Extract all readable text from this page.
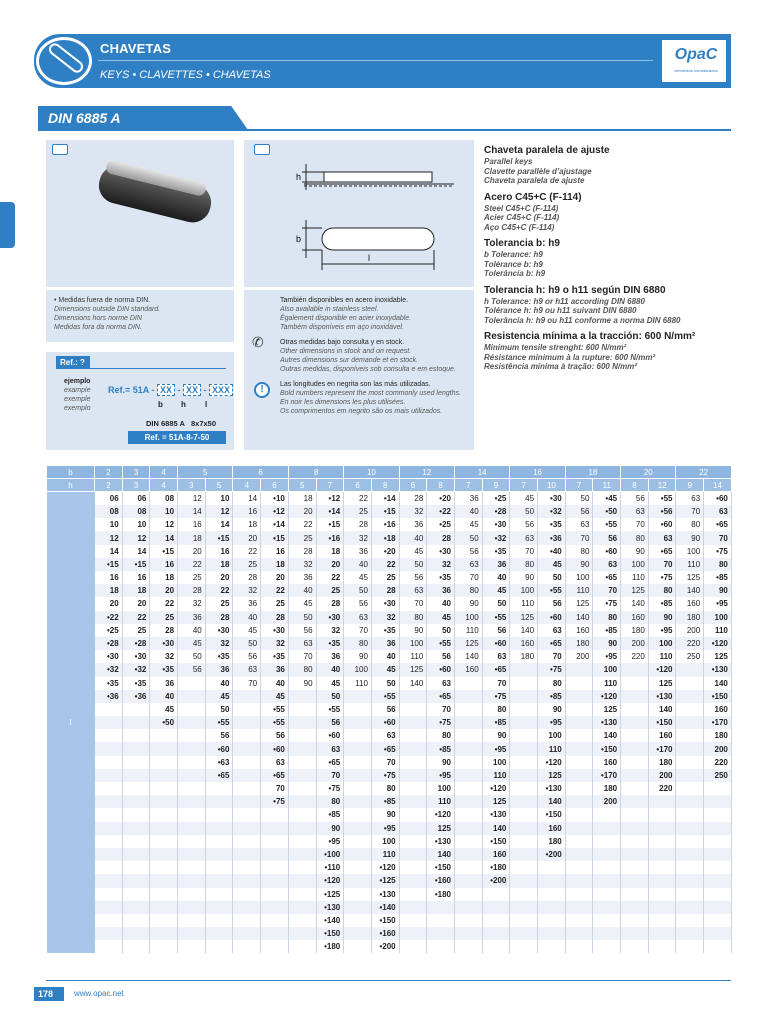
CHAVETAS
KEYS • CLAVETTES • CHAVETAS
OpaC
elementos normalizados
DIN 6885 A
h
b
l
Chaveta paralela de ajuste
Parallel keys
Clavette parallèle d’ajustage
Chaveta paralela de ajuste
Acero C45+C (F-114)
Steel C45+C (F-114)
Acier C45+C (F-114)
Aço C45+C (F-114)
Tolerancia b: h9
b Tolerance: h9
Tolérance b: h9
Tolerância b: h9
Tolerancia h: h9 o h11 según DIN 6880
h Tolerance: h9 or h11 according DIN 6880
Tolérance h: h9 ou h11 suivant DIN 6880
Tolerância h: h9 ou h11 conforme a norma DIN 6880
Resistencia mínima a la tracción: 600 N/mm²
Minimum tensile strenght: 600 N/mm²
Résistance minimum à la rupture: 600 N/mm²
Resistência mínima à tração: 600 N/mm²
• Medidas fuera de norma DIN.
Dimensions outside DIN standard.
Dimensions hors norme DIN
Medidas fora da norma DIN.
También disponibles en acero inoxidable.
Also available in stainless steel.
Également disponible en acier inoxydable.
Também disponíveis em aço inoxidável.
✆ Otras medidas bajo consulta y en stock.
Other dimensions in stock and on request.
Autres dimensions sur demande et en stock.
Outras medidas, disponíveis sob consulta e em estoque.
!	Las longitudes en negrita son las más utilizadas.
Bold numbers represent the most commonly used lengths.
En noir les dimensions les plus utilisées.
Os comprimentos em negrito são os mais utilizados.
Ref.: ?
ejemplo
example
exemple
exemplo
Ref.= 51A - XX - XX - XXX
b h l
DIN 6885 A 8x7x50
Ref. = 51A-8-7-50
b	2	3	4	5		6		8		10		12		14		16		18		20		22	
h	2	3	4	3	5	4	6	5	7	6	8	6	8	7	9	7	10	7	11	8	12	9	14
l	06	06	08	12	10	14	•10	18	•12	22	•14	28	•20	36	•25	45	•30	50	•45	56	•55	63	•60
	08	08	10	14	12	16	•12	20	•14	25	•15	32	•22	40	•28	50	•32	56	•50	63	•56	70	63
	10	10	12	16	14	18	•14	22	•15	28	•16	36	•25	45	•30	56	•35	63	•55	70	•60	80	•65
	12	12	14	18	•15	20	•15	25	•16	32	•18	40	28	50	•32	63	•36	70	56	80	63	90	70
	14	14	•15	20	16	22	16	28	18	36	•20	45	•30	56	•35	70	•40	80	•60	90	•65	100	•75
	•15	•15	16	22	18	25	18	32	20	40	22	50	32	63	36	80	45	90	63	100	70	110	80
	16	16	18	25	20	28	20	36	22	45	25	56	•35	70	40	90	50	100	•65	110	•75	125	•85
	18	18	20	28	22	32	22	40	25	50	28	63	36	80	45	100	•55	110	70	125	80	140	90
	20	20	22	32	25	36	25	45	28	56	•30	70	40	90	50	110	56	125	•75	140	•85	160	•95
	•22	22	25	36	28	40	28	50	•30	63	32	80	45	100	•55	125	•60	140	80	160	90	180	100
	•25	25	28	40	•30	45	•30	56	32	70	•35	90	50	110	56	140	63	160	•85	180	•95	200	110
	•28	•28	•30	45	32	50	32	63	•35	80	36	100	•55	125	•60	160	•65	180	90	200	100	220	•120
	•30	•30	32	50	•35	56	•35	70	36	90	40	110	56	140	63	180	70	200	•95	220	110	250	125
	•32	•32	•35	56	36	63	36	80	40	100	45	125	•60	160	•65		•75		100		•120		•130
	•35	•35	36		40	70	40	90	45	110	50	140	63		70		80		110		125		140
	•36	•36	40		45		45		50		•55		•65		•75		•85		•120		•130		•150
			45		50		•55		•55		56		70		80		90		125		140		160
			•50		•55		•55		56		•60		•75		•85		•95		•130		•150		•170
					56		56		•60		63		80		90		100		140		160		180
					•60		•60		63		•65		•85		•95		110		•150		•170		200
					•63		63		•65		70		90		100		•120		160		180		220
					•65		•65		70		•75		•95		110		125		•170		200		250
							70		•75		80		100		•120		•130		180		220		
							•75		80		•85		110		125		140		200				
									•85		90		•120		•130		•150						
									90		•95		125		140		160						
									•95		100		•130		•150		180						
									•100		110		140		160		•200						
									•110		•120		•150		•180								
									•120		•125		•160		•200								
									•125		•130		•180										
									•130		•140												
									•140		•150												
									•150		•160												
									•180		•200												
178	www.opac.net
